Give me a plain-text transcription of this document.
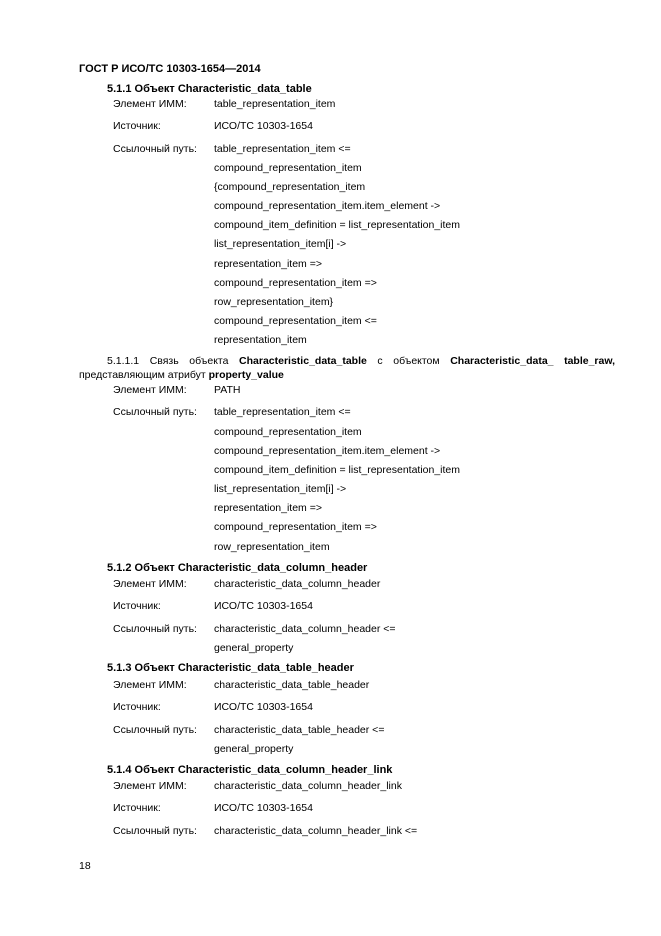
ГОСТ Р ИСО/ТС 10303-1654—2014
5.1.1 Объект Characteristic_data_table
Элемент ИММ:	table_representation_item
Источник:	ИСО/ТС 10303-1654
Ссылочный путь: table_representation_item <=
compound_representation_item
{compound_representation_item
compound_representation_item.item_element ->
compound_item_definition = list_representation_item
list_representation_item[i] ->
representation_item =>
compound_representation_item =>
row_representation_item}
compound_representation_item <=
representation_item
5.1.1.1 Связь объекта Characteristic_data_table с объектом Characteristic_data_ table_raw,
представляющим атрибут property_value
Элемент ИММ:	PATH
Ссылочный путь: table_representation_item <=
compound_representation_item
compound_representation_item.item_element ->
compound_item_definition = list_representation_item
list_representation_item[i] ->
representation_item =>
compound_representation_item =>
row_representation_item
5.1.2 Объект Characteristic_data_column_header
Элемент ИММ:	characteristic_data_column_header
Источник:	ИСО/ТС 10303-1654
Ссылочный путь: characteristic_data_column_header <=
general_property
5.1.3 Объект Characteristic_data_table_header
Элемент ИММ:	characteristic_data_table_header
Источник:	ИСО/ТС 10303-1654
Ссылочный путь: characteristic_data_table_header <=
general_property
5.1.4 Объект Characteristic_data_column_header_link
Элемент ИММ:	characteristic_data_column_header_link
Источник:	ИСО/ТС 10303-1654
Ссылочный путь: characteristic_data_column_header_link <=
18
